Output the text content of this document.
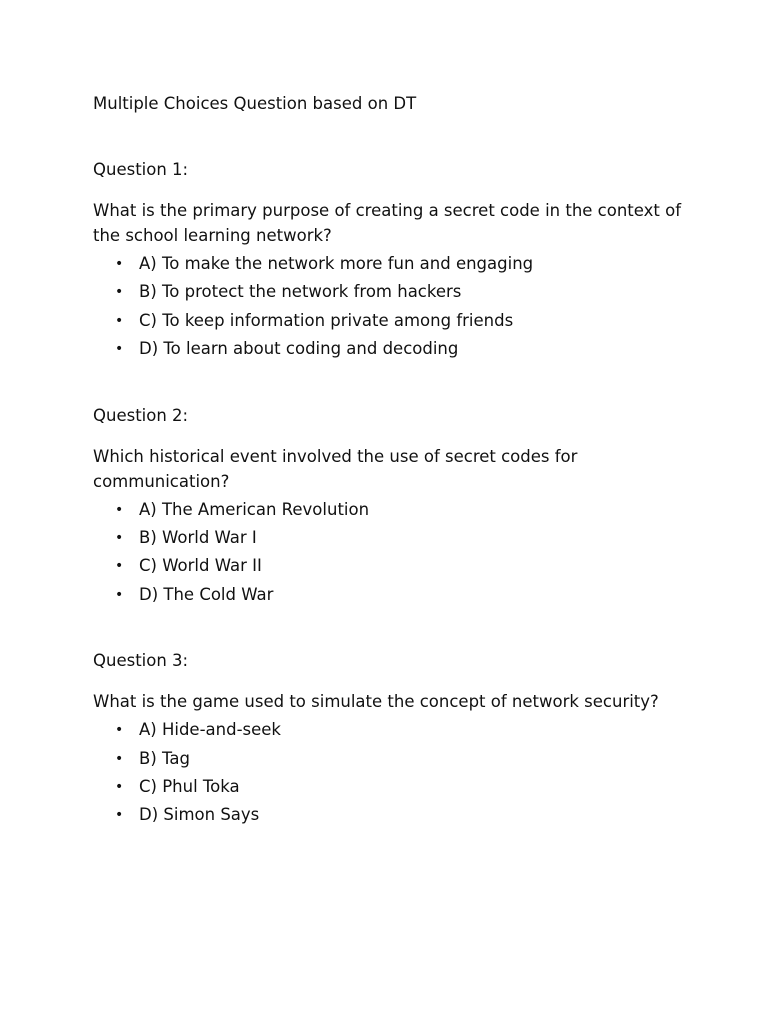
Multiple Choices Question based on DT

Question 1:

What is the primary purpose of creating a secret code in the context of the school learning network?

• A) To make the network more fun and engaging
• B) To protect the network from hackers
• C) To keep information private among friends
• D) To learn about coding and decoding

Question 2:

Which historical event involved the use of secret codes for communication?

• A) The American Revolution
• B) World War I
• C) World War II
• D) The Cold War

Question 3:

What is the game used to simulate the concept of network security?

• A) Hide-and-seek
• B) Tag
• C) Phul Toka
• D) Simon Says
